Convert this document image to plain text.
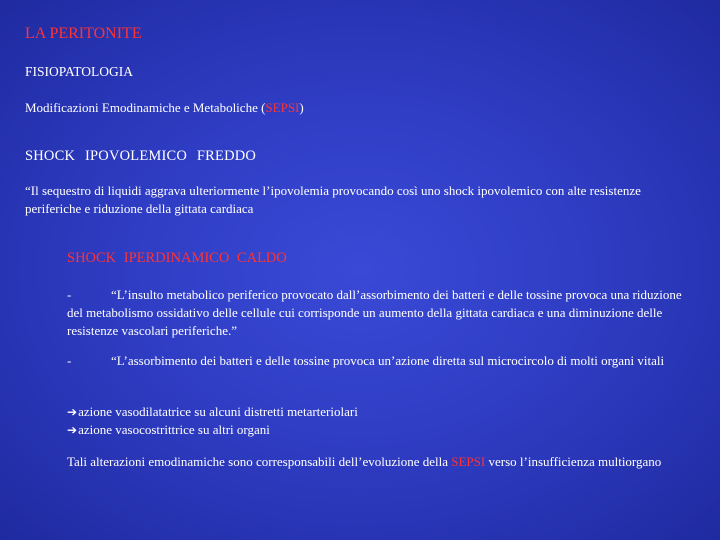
LA PERITONITE

FISIOPATOLOGIA

Modificazioni Emodinamiche e Metaboliche (SEPSI)

SHOCK IPOVOLEMICO FREDDO

“Il sequestro di liquidi aggrava ulteriormente l’ipovolemia provocando così uno shock ipovolemico con alte resistenze periferiche e riduzione della gittata cardiaca

SHOCK IPERDINAMICO CALDO

-	“L’insulto metabolico periferico provocato dall’assorbimento dei batteri e delle tossine provoca una riduzione del metabolismo ossidativo delle cellule cui corrisponde un aumento della gittata cardiaca e una diminuzione delle resistenze vascolari periferiche.”

-	“L’assorbimento dei batteri e delle tossine provoca un’azione diretta sul microcircolo di molti organi vitali

➔azione vasodilatatrice su alcuni distretti metarteriolari

➔azione vasocostrittrice su altri organi

Tali alterazioni emodinamiche sono corresponsabili dell’evoluzione della SEPSI verso l’insufficienza multiorgano
